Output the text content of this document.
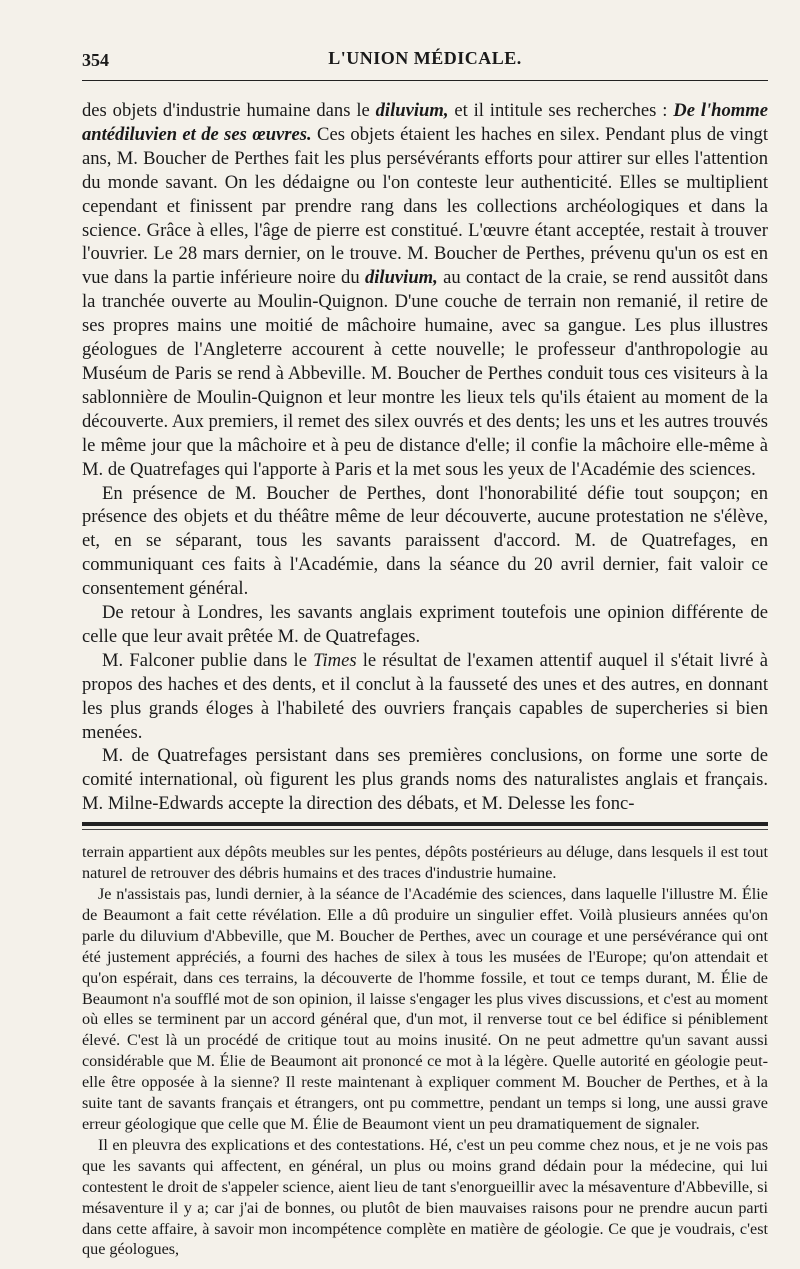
354	L'UNION MÉDICALE.

des objets d'industrie humaine dans le diluvium, et il intitule ses recherches : De l'homme antédiluvien et de ses œuvres. Ces objets étaient les haches en silex. Pendant plus de vingt ans, M. Boucher de Perthes fait les plus persévérants efforts pour attirer sur elles l'attention du monde savant. On les dédaigne ou l'on conteste leur authenticité. Elles se multiplient cependant et finissent par prendre rang dans les collections archéologiques et dans la science. Grâce à elles, l'âge de pierre est constitué. L'œuvre étant acceptée, restait à trouver l'ouvrier. Le 28 mars dernier, on le trouve. M. Boucher de Perthes, prévenu qu'un os est en vue dans la partie inférieure noire du diluvium, au contact de la craie, se rend aussitôt dans la tranchée ouverte au Moulin-Quignon. D'une couche de terrain non remanié, il retire de ses propres mains une moitié de mâchoire humaine, avec sa gangue. Les plus illustres géologues de l'Angleterre accourent à cette nouvelle; le professeur d'anthropologie au Muséum de Paris se rend à Abbeville. M. Boucher de Perthes conduit tous ces visiteurs à la sablonnière de Moulin-Quignon et leur montre les lieux tels qu'ils étaient au moment de la découverte. Aux premiers, il remet des silex ouvrés et des dents; les uns et les autres trouvés le même jour que la mâchoire et à peu de distance d'elle; il confie la mâchoire elle-même à M. de Quatrefages qui l'apporte à Paris et la met sous les yeux de l'Académie des sciences.

En présence de M. Boucher de Perthes, dont l'honorabilité défie tout soupçon; en présence des objets et du théâtre même de leur découverte, aucune protestation ne s'élève, et, en se séparant, tous les savants paraissent d'accord. M. de Quatrefages, en communiquant ces faits à l'Académie, dans la séance du 20 avril dernier, fait valoir ce consentement général.

De retour à Londres, les savants anglais expriment toutefois une opinion différente de celle que leur avait prêtée M. de Quatrefages.

M. Falconer publie dans le Times le résultat de l'examen attentif auquel il s'était livré à propos des haches et des dents, et il conclut à la fausseté des unes et des autres, en donnant les plus grands éloges à l'habileté des ouvriers français capables de supercheries si bien menées.

M. de Quatrefages persistant dans ses premières conclusions, on forme une sorte de comité international, où figurent les plus grands noms des naturalistes anglais et français. M. Milne-Edwards accepte la direction des débats, et M. Delesse les fonc-

terrain appartient aux dépôts meubles sur les pentes, dépôts postérieurs au déluge, dans lesquels il est tout naturel de retrouver des débris humains et des traces d'industrie humaine.

Je n'assistais pas, lundi dernier, à la séance de l'Académie des sciences, dans laquelle l'illustre M. Élie de Beaumont a fait cette révélation. Elle a dû produire un singulier effet. Voilà plusieurs années qu'on parle du diluvium d'Abbeville, que M. Boucher de Perthes, avec un courage et une persévérance qui ont été justement appréciés, a fourni des haches de silex à tous les musées de l'Europe; qu'on attendait et qu'on espérait, dans ces terrains, la découverte de l'homme fossile, et tout ce temps durant, M. Élie de Beaumont n'a soufflé mot de son opinion, il laisse s'engager les plus vives discussions, et c'est au moment où elles se terminent par un accord général que, d'un mot, il renverse tout ce bel édifice si péniblement élevé. C'est là un procédé de critique tout au moins inusité. On ne peut admettre qu'un savant aussi considérable que M. Élie de Beaumont ait prononcé ce mot à la légère. Quelle autorité en géologie peut-elle être opposée à la sienne? Il reste maintenant à expliquer comment M. Boucher de Perthes, et à la suite tant de savants français et étrangers, ont pu commettre, pendant un temps si long, une aussi grave erreur géologique que celle que M. Élie de Beaumont vient un peu dramatiquement de signaler.

Il en pleuvra des explications et des contestations. Hé, c'est un peu comme chez nous, et je ne vois pas que les savants qui affectent, en général, un plus ou moins grand dédain pour la médecine, qui lui contestent le droit de s'appeler science, aient lieu de tant s'enorgueillir avec la mésaventure d'Abbeville, si mésaventure il y a; car j'ai de bonnes, ou plutôt de bien mauvaises raisons pour ne prendre aucun parti dans cette affaire, à savoir mon incompétence complète en matière de géologie. Ce que je voudrais, c'est que géologues,
